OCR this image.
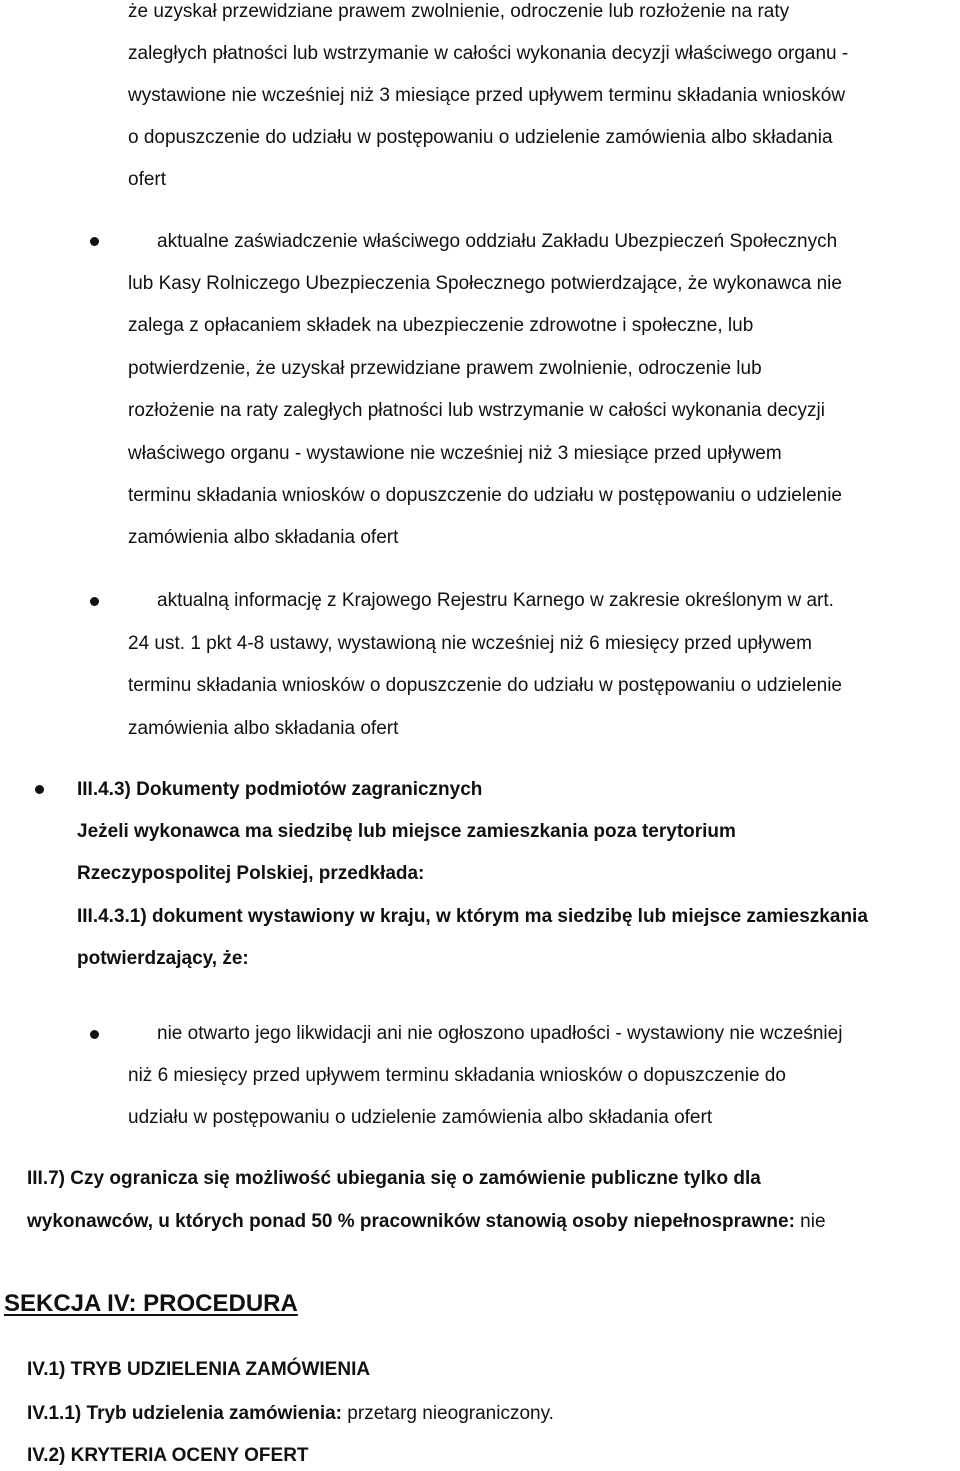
że uzyskał przewidziane prawem zwolnienie, odroczenie lub rozłożenie na raty

zaległych płatności lub wstrzymanie w całości wykonania decyzji właściwego organu -

wystawione nie wcześniej niż 3 miesiące przed upływem terminu składania wniosków

o dopuszczenie do udziału w postępowaniu o udzielenie zamówienia albo składania

ofert

aktualne zaświadczenie właściwego oddziału Zakładu Ubezpieczeń Społecznych

lub Kasy Rolniczego Ubezpieczenia Społecznego potwierdzające, że wykonawca nie

zalega z opłacaniem składek na ubezpieczenie zdrowotne i społeczne, lub

potwierdzenie, że uzyskał przewidziane prawem zwolnienie, odroczenie lub

rozłożenie na raty zaległych płatności lub wstrzymanie w całości wykonania decyzji

właściwego organu - wystawione nie wcześniej niż 3 miesiące przed upływem

terminu składania wniosków o dopuszczenie do udziału w postępowaniu o udzielenie

zamówienia albo składania ofert

aktualną informację z Krajowego Rejestru Karnego w zakresie określonym w art.

24 ust. 1 pkt 4-8 ustawy, wystawioną nie wcześniej niż 6 miesięcy przed upływem

terminu składania wniosków o dopuszczenie do udziału w postępowaniu o udzielenie

zamówienia albo składania ofert

III.4.3) Dokumenty podmiotów zagranicznych

Jeżeli wykonawca ma siedzibę lub miejsce zamieszkania poza terytorium

Rzeczypospolitej Polskiej, przedkłada:

III.4.3.1) dokument wystawiony w kraju, w którym ma siedzibę lub miejsce zamieszkania

potwierdzający, że:

nie otwarto jego likwidacji ani nie ogłoszono upadłości - wystawiony nie wcześniej

niż 6 miesięcy przed upływem terminu składania wniosków o dopuszczenie do

udziału w postępowaniu o udzielenie zamówienia albo składania ofert

III.7) Czy ogranicza się możliwość ubiegania się o zamówienie publiczne tylko dla

wykonawców, u których ponad 50 % pracowników stanowią osoby niepełnosprawne: nie

SEKCJA IV: PROCEDURA

IV.1) TRYB UDZIELENIA ZAMÓWIENIA

IV.1.1) Tryb udzielenia zamówienia: przetarg nieograniczony.

IV.2) KRYTERIA OCENY OFERT
